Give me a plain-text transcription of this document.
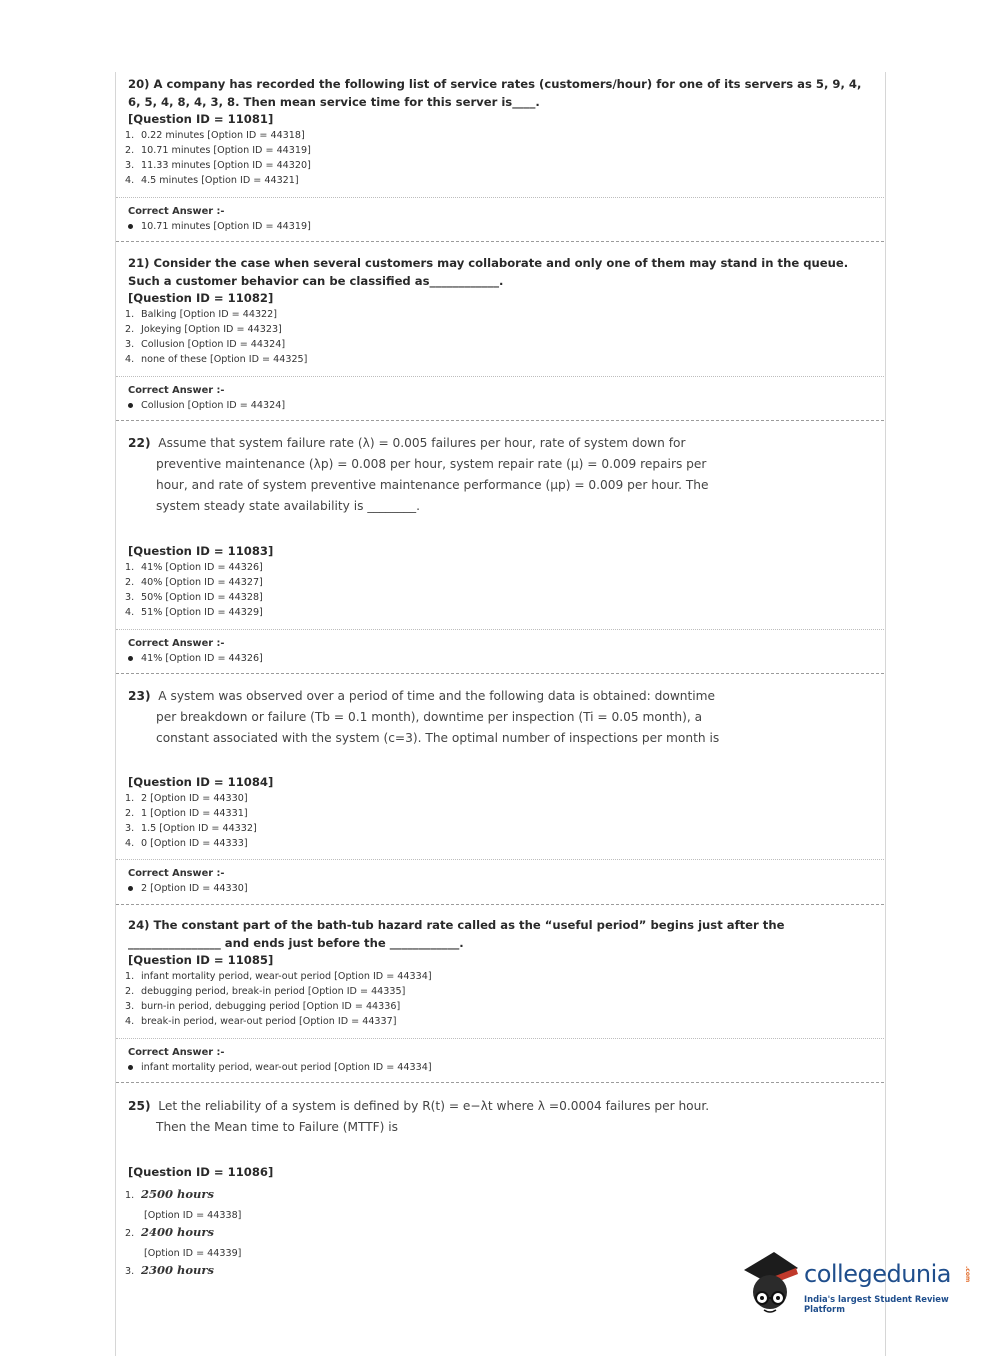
20) A company has recorded the following list of service rates (customers/hour) for one of its servers as 5, 9, 4, 6, 5, 4, 8, 4, 3, 8. Then mean service time for this server is____.
[Question ID = 11081]
1. 0.22 minutes [Option ID = 44318]
2. 10.71 minutes [Option ID = 44319]
3. 11.33 minutes [Option ID = 44320]
4. 4.5 minutes [Option ID = 44321]
Correct Answer :-
10.71 minutes [Option ID = 44319]
21) Consider the case when several customers may collaborate and only one of them may stand in the queue. Such a customer behavior can be classified as____________.
[Question ID = 11082]
1. Balking [Option ID = 44322]
2. Jokeying [Option ID = 44323]
3. Collusion [Option ID = 44324]
4. none of these [Option ID = 44325]
Correct Answer :-
Collusion [Option ID = 44324]
22) Assume that system failure rate (λ) = 0.005 failures per hour, rate of system down for
preventive maintenance (λp) = 0.008 per hour, system repair rate (μ) = 0.009 repairs per
hour, and rate of system preventive maintenance performance (μp) = 0.009 per hour. The
system steady state availability is ________.
[Question ID = 11083]
1. 41% [Option ID = 44326]
2. 40% [Option ID = 44327]
3. 50% [Option ID = 44328]
4. 51% [Option ID = 44329]
Correct Answer :-
41% [Option ID = 44326]
23) A system was observed over a period of time and the following data is obtained: downtime
per breakdown or failure (Tb = 0.1 month), downtime per inspection (Ti = 0.05 month), a
constant associated with the system (c=3). The optimal number of inspections per month is
[Question ID = 11084]
1. 2 [Option ID = 44330]
2. 1 [Option ID = 44331]
3. 1.5 [Option ID = 44332]
4. 0 [Option ID = 44333]
Correct Answer :-
2 [Option ID = 44330]
24) The constant part of the bath-tub hazard rate called as the “useful period” begins just after the ________________ and ends just before the ____________.
[Question ID = 11085]
1. infant mortality period, wear-out period [Option ID = 44334]
2. debugging period, break-in period [Option ID = 44335]
3. burn-in period, debugging period [Option ID = 44336]
4. break-in period, wear-out period [Option ID = 44337]
Correct Answer :-
infant mortality period, wear-out period [Option ID = 44334]
25) Let the reliability of a system is defined by R(t) = e−λt where λ =0.0004 failures per hour.
Then the Mean time to Failure (MTTF) is
[Question ID = 11086]
1. 2500 hours
[Option ID = 44338]
2. 2400 hours
[Option ID = 44339]
3. 2300 hours	collegedunia .com
India's largest Student Review Platform
